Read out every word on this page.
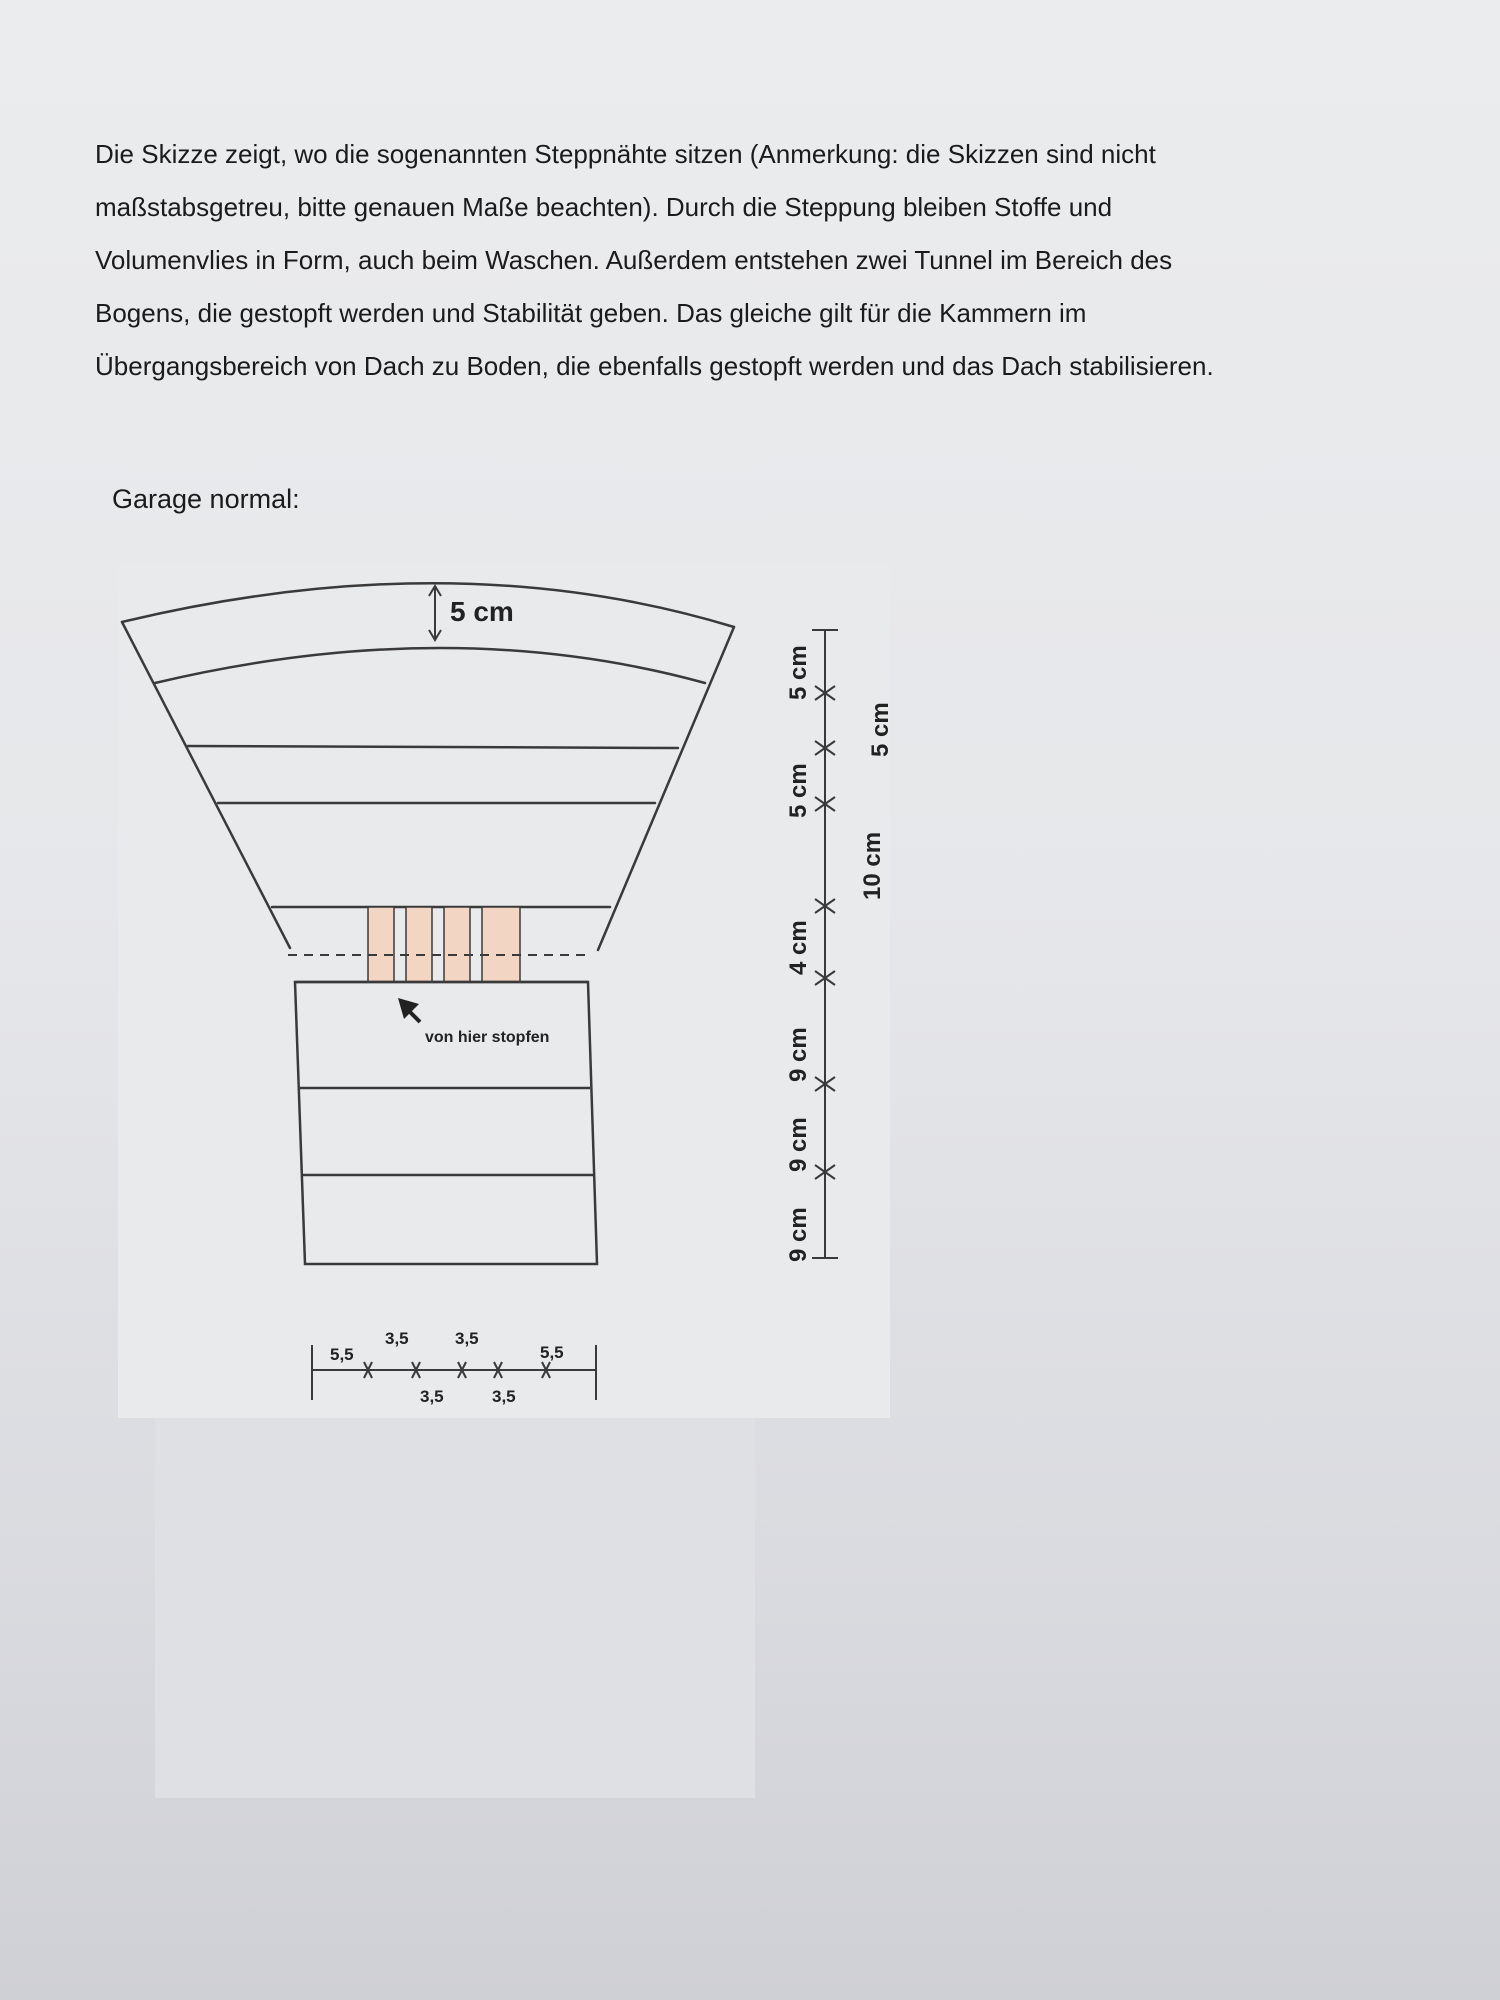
Die Skizze zeigt, wo die sogenannten Steppnähte sitzen (Anmerkung: die Skizzen sind nicht
maßstabsgetreu, bitte genauen Maße beachten). Durch die Steppung bleiben Stoffe und
Volumenvlies in Form, auch beim Waschen. Außerdem entstehen zwei Tunnel im Bereich des
Bogens, die gestopft werden und Stabilität geben. Das gleiche gilt für die Kammern im
Übergangsbereich von Dach zu Boden, die ebenfalls gestopft werden und das Dach stabilisieren.

Garage normal:

von hier stopfen
5 cm
9 cm
9 cm
9 cm
4 cm
5 cm
5 cm
10 cm
5 cm
5,5
3,5	3,5
5,5
3,5	3,5
